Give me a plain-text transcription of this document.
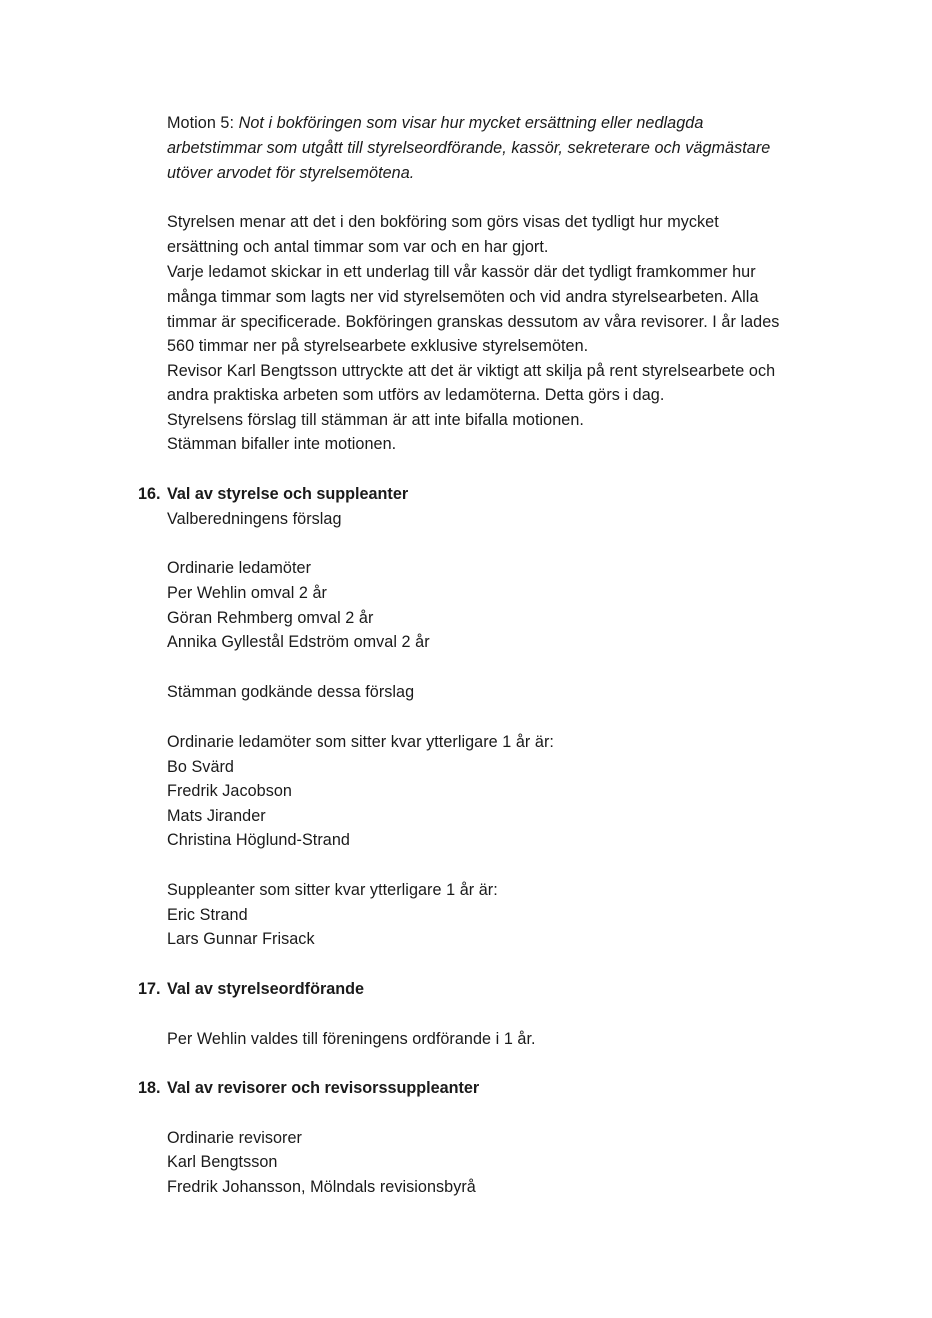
Motion 5: Not i bokföringen som visar hur mycket ersättning eller nedlagda
arbetstimmar som utgått till styrelseordförande, kassör, sekreterare och vägmästare
utöver arvodet för styrelsemötena.
Styrelsen menar att det i den bokföring som görs visas det tydligt hur mycket
ersättning och antal timmar som var och en har gjort.
Varje ledamot skickar in ett underlag till vår kassör där det tydligt framkommer hur
många timmar som lagts ner vid styrelsemöten och vid andra styrelsearbeten. Alla
timmar är specificerade. Bokföringen granskas dessutom av våra revisorer. I år lades
560 timmar ner på styrelsearbete exklusive styrelsemöten.
Revisor Karl Bengtsson uttryckte att det är viktigt att skilja på rent styrelsearbete och
andra praktiska arbeten som utförs av ledamöterna. Detta görs i dag.
Styrelsens förslag till stämman är att inte bifalla motionen.
Stämman bifaller inte motionen.
16. Val av styrelse och suppleanter
Valberedningens förslag
Ordinarie ledamöter
Per Wehlin omval 2 år
Göran Rehmberg omval 2 år
Annika Gyllestål Edström omval 2 år
Stämman godkände dessa förslag
Ordinarie ledamöter som sitter kvar ytterligare 1 år är:
Bo Svärd
Fredrik Jacobson
Mats Jirander
Christina Höglund-Strand
Suppleanter som sitter kvar ytterligare 1 år är:
Eric Strand
Lars Gunnar Frisack
17. Val av styrelseordförande
Per Wehlin valdes till föreningens ordförande i 1 år.
18. Val av revisorer och revisorssuppleanter
Ordinarie revisorer
Karl Bengtsson
Fredrik Johansson, Mölndals revisionsbyrå
